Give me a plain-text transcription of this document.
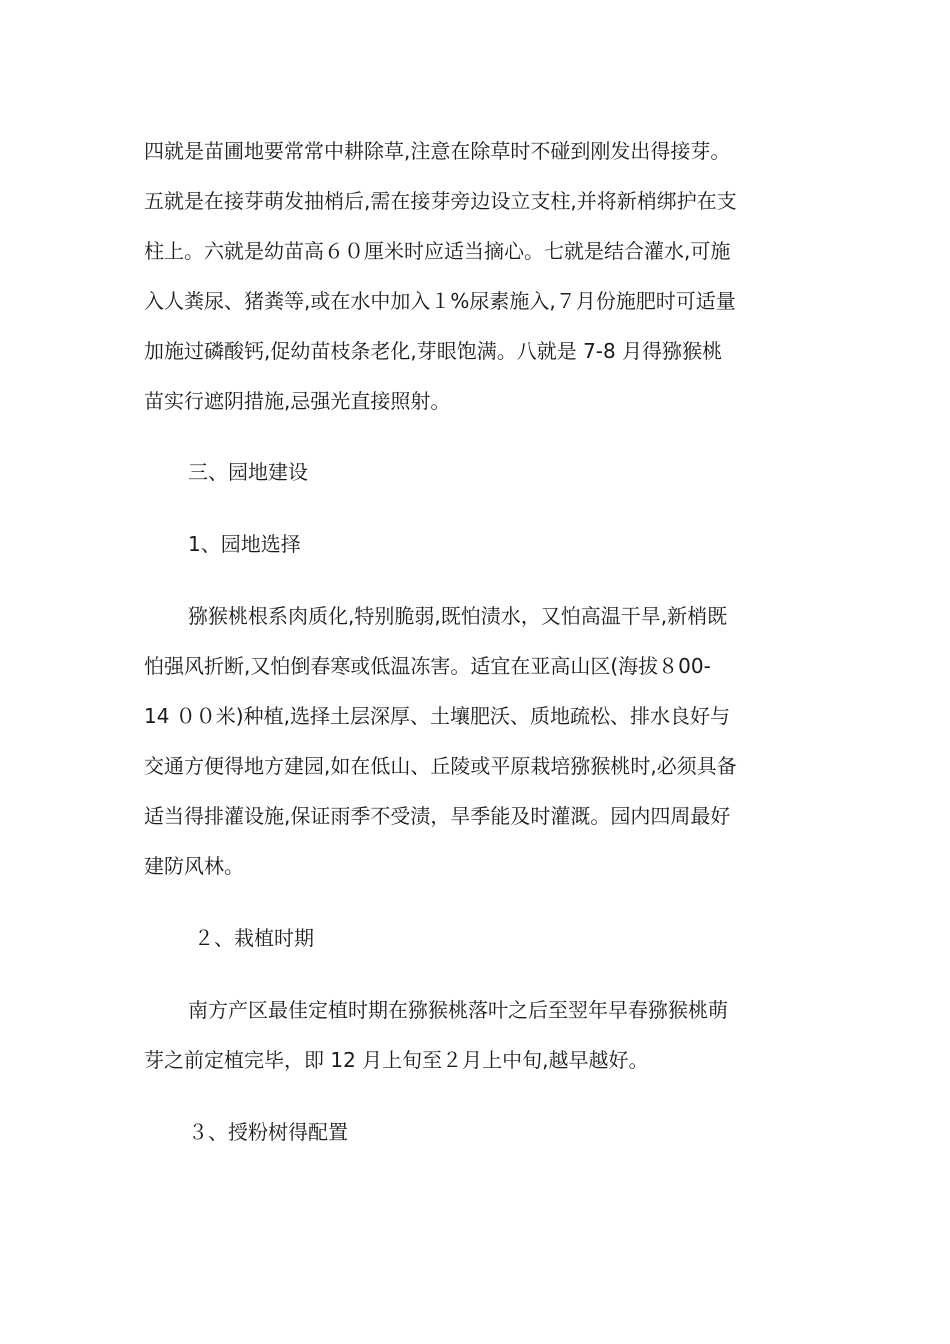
四就是苗圃地要常常中耕除草,注意在除草时不碰到刚发出得接芽。
五就是在接芽萌发抽梢后,需在接芽旁边设立支柱,并将新梢绑护在支
柱上。六就是幼苗高６０厘米时应适当摘心。七就是结合灌水,可施
入人粪尿、猪粪等,或在水中加入１%尿素施入,７月份施肥时可适量
加施过磷酸钙,促幼苗枝条老化,芽眼饱满。八就是 7-8 月得猕猴桃
苗实行遮阴措施,忌强光直接照射。
三、园地建设
1、园地选择
猕猴桃根系肉质化,特别脆弱,既怕渍水，又怕高温干旱,新梢既
怕强风折断,又怕倒春寒或低温冻害。适宜在亚高山区(海拔８00-
14 ００米)种植,选择土层深厚、土壤肥沃、质地疏松、排水良好与
交通方便得地方建园,如在低山、丘陵或平原栽培猕猴桃时,必须具备
适当得排灌设施,保证雨季不受渍，旱季能及时灌溉。园内四周最好
建防风林。
２、栽植时期
南方产区最佳定植时期在猕猴桃落叶之后至翌年早春猕猴桃萌
芽之前定植完毕，即 12 月上旬至２月上中旬,越早越好。
３、授粉树得配置
